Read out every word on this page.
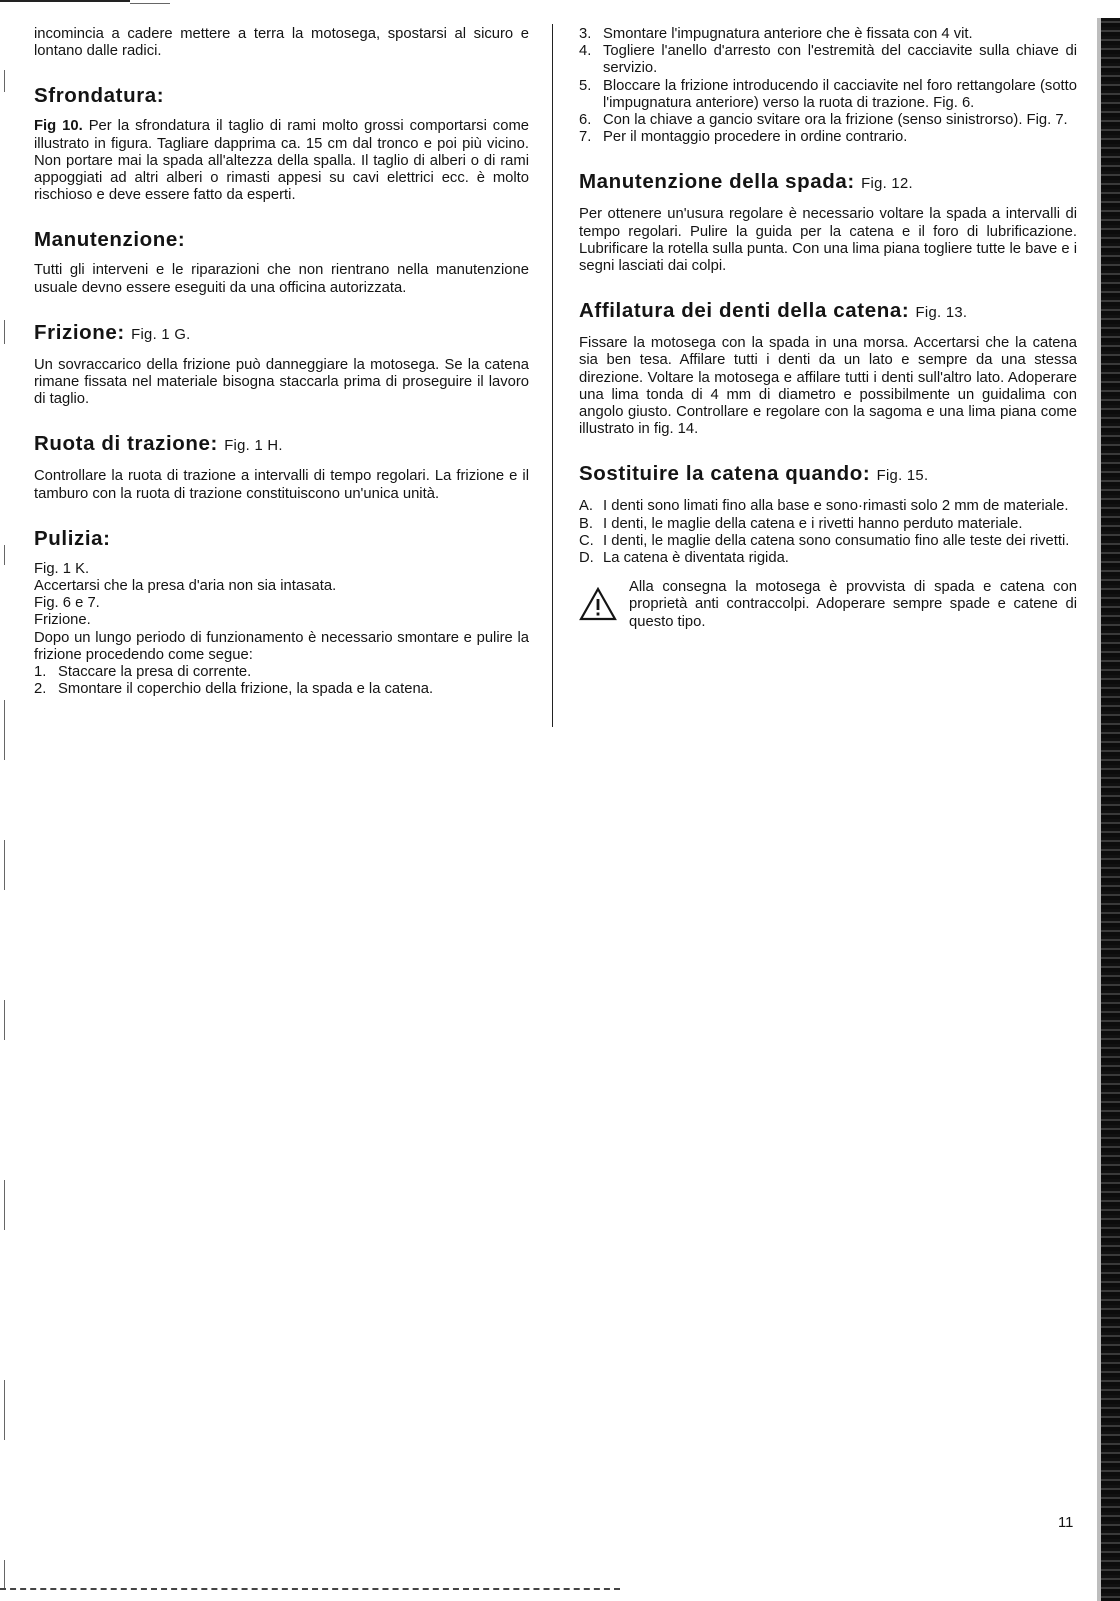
incomincia a cadere mettere a terra la motosega, spostarsi al sicuro e lontano dalle radici.

Sfrondatura:

Fig 10. Per la sfrondatura il taglio di rami molto grossi comportarsi come illustrato in figura. Tagliare dapprima ca. 15 cm dal tronco e poi più vicino. Non portare mai la spada all'altezza della spalla. Il taglio di alberi o di rami appoggiati ad altri alberi o rimasti appesi su cavi elettrici ecc. è molto rischioso e deve essere fatto da esperti.

Manutenzione:

Tutti gli interveni e le riparazioni che non rientrano nella manutenzione usuale devno essere eseguiti da una officina autorizzata.

Frizione: Fig. 1 G.

Un sovraccarico della frizione può danneggiare la motosega. Se la catena rimane fissata nel materiale bisogna staccarla prima di proseguire il lavoro di taglio.

Ruota di trazione: Fig. 1 H.

Controllare la ruota di trazione a intervalli di tempo regolari. La frizione e il tamburo con la ruota di trazione constituiscono un'unica unità.

Pulizia:

Fig. 1 K.

Accertarsi che la presa d'aria non sia intasata.

Fig. 6 e 7.

Frizione.

Dopo un lungo periodo di funzionamento è necessario smontare e pulire la frizione procedendo come segue:

1. Staccare la presa di corrente.
2. Smontare il coperchio della frizione, la spada e la catena.
3. Smontare l'impugnatura anteriore che è fissata con 4 vit.
4. Togliere l'anello d'arresto con l'estremità del cacciavite sulla chiave di servizio.
5. Bloccare la frizione introducendo il cacciavite nel foro rettangolare (sotto l'impugnatura anteriore) verso la ruota di trazione. Fig. 6.
6. Con la chiave a gancio svitare ora la frizione (senso sinistrorso). Fig. 7.
7. Per il montaggio procedere in ordine contrario.
Manutenzione della spada: Fig. 12.

Per ottenere un'usura regolare è necessario voltare la spada a intervalli di tempo regolari. Pulire la guida per la catena e il foro di lubrificazione. Lubrificare la rotella sulla punta. Con una lima piana togliere tutte le bave e i segni lasciati dai colpi.

Affilatura dei denti della catena: Fig. 13.

Fissare la motosega con la spada in una morsa. Accertarsi che la catena sia ben tesa. Affilare tutti i denti da un lato e sempre da una stessa direzione. Voltare la motosega e affilare tutti i denti sull'altro lato. Adoperare una lima tonda di 4 mm di diametro e possibilmente un guidalima con angolo giusto. Controllare e regolare con la sagoma e una lima piana come illustrato in fig. 14.

Sostituire la catena quando: Fig. 15.
A. I denti sono limati fino alla base e sono·rimasti solo 2 mm de materiale.
B. I denti, le maglie della catena e i rivetti hanno perduto materiale.
C. I denti, le maglie della catena sono consumatio fino alle teste dei rivetti.
D. La catena è diventata rigida.

Alla consegna la motosega è provvista di spada e catena con proprietà anti contraccolpi. Adoperare sempre spade e catene di questo tipo.

11
